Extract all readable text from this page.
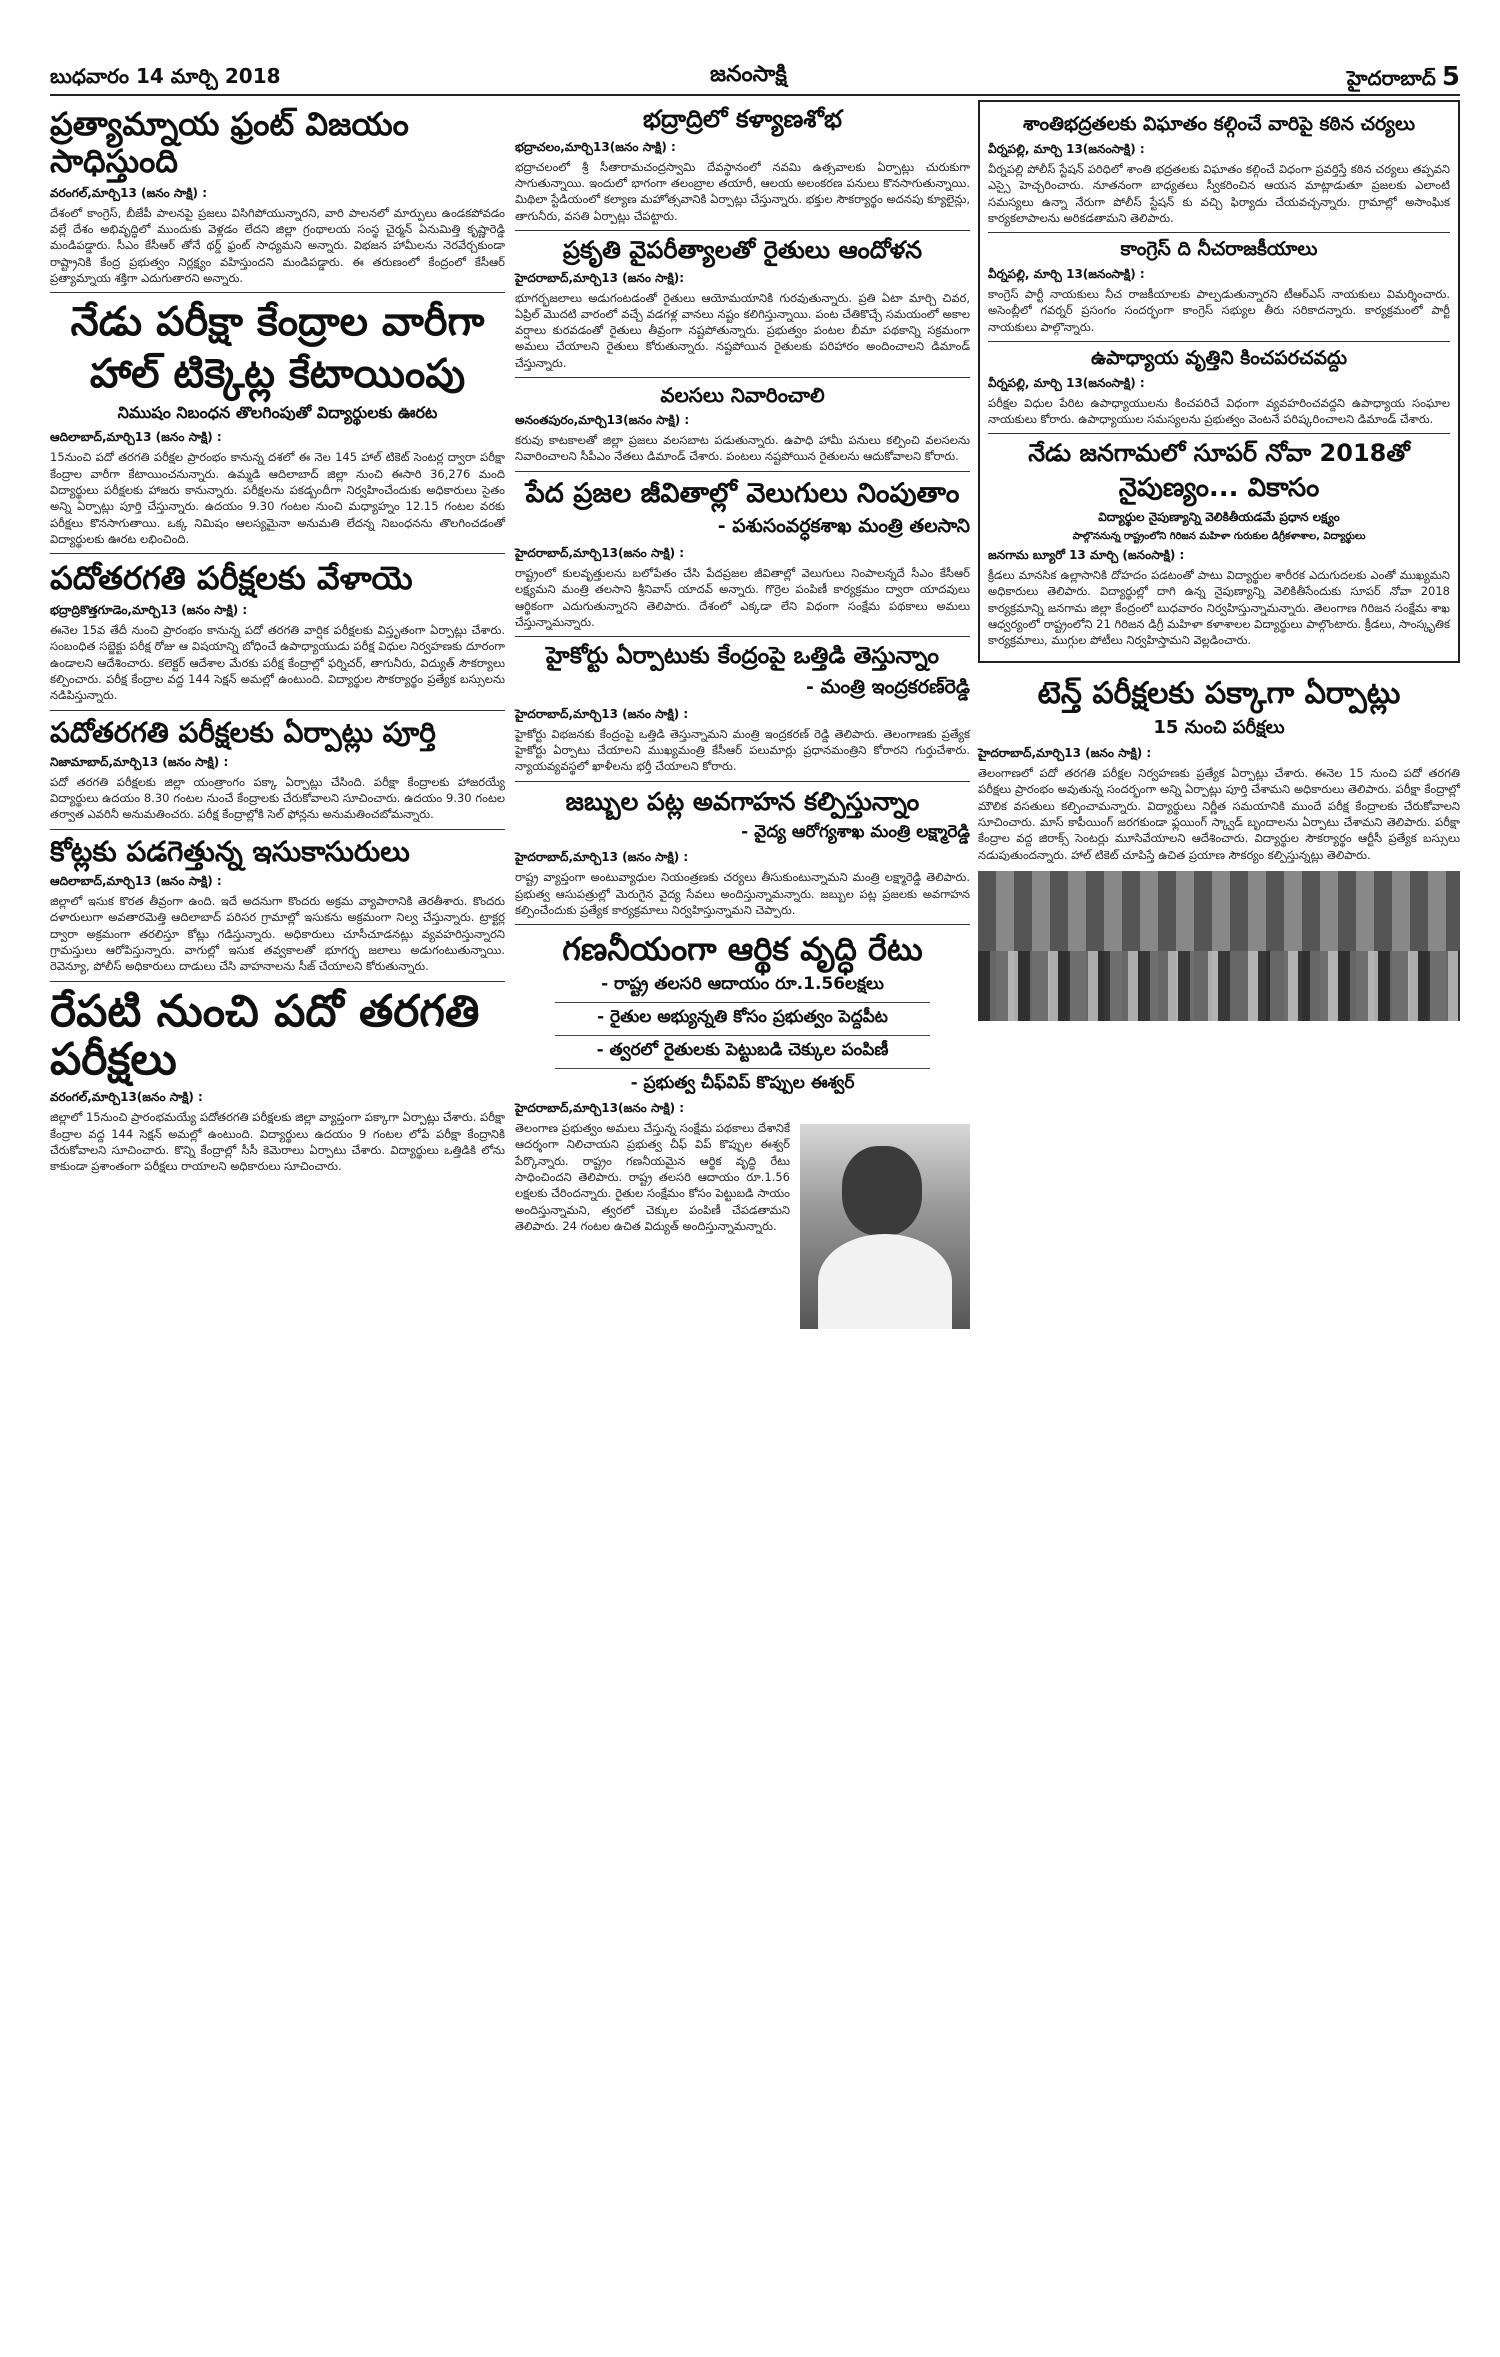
బుధవారం 14 మార్చి 2018	జనంసాక్షి	హైదరాబాద్ 5
ప్రత్యామ్నాయ ఫ్రంట్ విజయం సాధిస్తుంది
వరంగల్,మార్చి13 (జనం సాక్షి) :

దేశంలో కాంగ్రెస్, బీజేపీ పాలనపై ప్రజలు విసిగిపోయున్నారని, వారి పాలనలో మార్పులు ఉండకపోవడం వల్లే దేశం అభివృద్ధిలో ముందుకు వెళ్లడం లేదని జిల్లా గ్రంథాలయ సంస్థ చైర్మన్ ఏనుమిత్తి కృష్ణారెడ్డి మండిపడ్డారు. సీఎం కేసీఆర్ తోనే థర్డ్ ఫ్రంట్ సాధ్యమని అన్నారు. విభజన హామీలను నెరవేర్చకుండా రాష్ట్రానికి కేంద్ర ప్రభుత్వం నిర్లక్ష్యం వహిస్తుందని మండిపడ్డారు. ఈ తరుణంలో కేంద్రంలో కేసీఆర్ ప్రత్యామ్నాయ శక్తిగా ఎదుగుతారని అన్నారు.

నేడు పరీక్షా కేంద్రాల వారీగా
హాల్ టిక్కెట్ల కేటాయింపు
నిముషం నిబంధన తొలగింపుతో విద్యార్థులకు ఊరట
ఆదిలాబాద్,మార్చి13 (జనం సాక్షి) :

15నుంచి పదో తరగతి పరీక్షల ప్రారంభం కానున్న దశలో ఈ నెల 145 హాల్ టికెట్ సెంటర్ల ద్వారా పరీక్షా కేంద్రాల వారీగా కేటాయించనున్నారు. ఉమ్మడి ఆదిలాబాద్ జిల్లా నుంచి ఈసారి 36,276 మంది విద్యార్థులు పరీక్షలకు హాజరు కానున్నారు. పరీక్షలను పకడ్బందీగా నిర్వహించేందుకు అధికారులు సైతం అన్ని ఏర్పాట్లు పూర్తి చేస్తున్నారు. ఉదయం 9.30 గంటల నుంచి మధ్యాహ్నం 12.15 గంటల వరకు పరీక్షలు కొనసాగుతాయి. ఒక్క నిమిషం ఆలస్యమైనా అనుమతి లేదన్న నిబంధనను తొలగించడంతో విద్యార్థులకు ఊరట లభించింది.

పదోతరగతి పరీక్షలకు వేళాయె
భద్రాద్రికొత్తగూడెం,మార్చి13 (జనం సాక్షి) :

ఈనెల 15వ తేదీ నుంచి ప్రారంభం కానున్న పదో తరగతి వార్షిక పరీక్షలకు విస్తృతంగా ఏర్పాట్లు చేశారు. సంబంధిత సబ్జెక్టు పరీక్ష రోజు ఆ విషయాన్ని బోధించే ఉపాధ్యాయుడు పరీక్ష విధుల నిర్వహణకు దూరంగా ఉండాలని ఆదేశించారు. కలెక్టర్ ఆదేశాల మేరకు పరీక్ష కేంద్రాల్లో ఫర్నిచర్, తాగునీరు, విద్యుత్ సౌకర్యాలు కల్పించారు. పరీక్ష కేంద్రాల వద్ద 144 సెక్షన్ అమల్లో ఉంటుంది. విద్యార్థుల సౌకర్యార్థం ప్రత్యేక బస్సులను నడిపిస్తున్నారు.

పదోతరగతి పరీక్షలకు ఏర్పాట్లు పూర్తి
నిజామాబాద్,మార్చి13 (జనం సాక్షి) :

పదో తరగతి పరీక్షలకు జిల్లా యంత్రాంగం పక్కా ఏర్పాట్లు చేసింది. పరీక్షా కేంద్రాలకు హాజరయ్యే విద్యార్థులు ఉదయం 8.30 గంటల నుంచే కేంద్రాలకు చేరుకోవాలని సూచించారు. ఉదయం 9.30 గంటల తర్వాత ఎవరినీ అనుమతించరు. పరీక్ష కేంద్రాల్లోకి సెల్ ఫోన్లను అనుమతించబోమన్నారు.

కోట్లకు పడగెత్తున్న ఇసుకాసురులు
ఆదిలాబాద్,మార్చి13 (జనం సాక్షి) :

జిల్లాలో ఇసుక కొరత తీవ్రంగా ఉంది. ఇదే అదనుగా కొందరు అక్రమ వ్యాపారానికి తెరతీశారు. కొందరు దళారులుగా అవతారమెత్తి ఆదిలాబాద్ పరిసర గ్రామాల్లో ఇసుకను అక్రమంగా నిల్వ చేస్తున్నారు. ట్రాక్టర్ల ద్వారా అక్రమంగా తరలిస్తూ కోట్లు గడిస్తున్నారు. అధికారులు చూసీచూడనట్లు వ్యవహరిస్తున్నారని గ్రామస్తులు ఆరోపిస్తున్నారు. వాగుల్లో ఇసుక తవ్వకాలతో భూగర్భ జలాలు అడుగంటుతున్నాయి. రెవెన్యూ, పోలీస్ అధికారులు దాడులు చేసి వాహనాలను సీజ్ చేయాలని కోరుతున్నారు.

రేపటి నుంచి పదో తరగతి పరీక్షలు
వరంగల్,మార్చి13(జనం సాక్షి) :

జిల్లాలో 15నుంచి ప్రారంభమయ్యే పదోతరగతి పరీక్షలకు జిల్లా వ్యాప్తంగా పక్కాగా ఏర్పాట్లు చేశారు. పరీక్షా కేంద్రాల వద్ద 144 సెక్షన్ అమల్లో ఉంటుంది. విద్యార్థులు ఉదయం 9 గంటల లోపే పరీక్షా కేంద్రానికి చేరుకోవాలని సూచించారు. కొన్ని కేంద్రాల్లో సీసీ కెమెరాలు ఏర్పాటు చేశారు. విద్యార్థులు ఒత్తిడికి లోను కాకుండా ప్రశాంతంగా పరీక్షలు రాయాలని అధికారులు సూచించారు.

భద్రాద్రిలో కళ్యాణశోభ
భద్రాచలం,మార్చి13(జనం సాక్షి) :

భద్రాచలంలో శ్రీ సీతారామచంద్రస్వామి దేవస్థానంలో నవమి ఉత్సవాలకు ఏర్పాట్లు చురుకుగా సాగుతున్నాయి. ఇందులో భాగంగా తలంబ్రాల తయారీ, ఆలయ అలంకరణ పనులు కొనసాగుతున్నాయి. మిథిలా స్టేడియంలో కల్యాణ మహోత్సవానికి ఏర్పాట్లు చేస్తున్నారు. భక్తుల సౌకర్యార్థం అదనపు క్యూలైన్లు, తాగునీరు, వసతి ఏర్పాట్లు చేపట్టారు.

ప్రకృతి వైపరీత్యాలతో రైతులు ఆందోళన
హైదరాబాద్,మార్చి13 (జనం సాక్షి):

భూగర్భజలాలు అడుగంటడంతో రైతులు ఆయోమయానికి గురవుతున్నారు. ప్రతి ఏటా మార్చి చివర, ఏప్రిల్ మొదటి వారంలో వచ్చే వడగళ్ల వానలు నష్టం కలిగిస్తున్నాయి. పంట చేతికొచ్చే సమయంలో అకాల వర్షాలు కురవడంతో రైతులు తీవ్రంగా నష్టపోతున్నారు. ప్రభుత్వం పంటల బీమా పథకాన్ని సక్రమంగా అమలు చేయాలని రైతులు కోరుతున్నారు. నష్టపోయిన రైతులకు పరిహారం అందించాలని డిమాండ్ చేస్తున్నారు.

వలసలు నివారించాలి
అనంతపురం,మార్చి13(జనం సాక్షి) :

కరువు కాటకాలతో జిల్లా ప్రజలు వలసబాట పడుతున్నారు. ఉపాధి హామీ పనులు కల్పించి వలసలను నివారించాలని సీపీఎం నేతలు డిమాండ్ చేశారు. పంటలు నష్టపోయిన రైతులను ఆదుకోవాలని కోరారు.

పేద ప్రజల జీవితాల్లో వెలుగులు నింపుతాం
- పశుసంవర్ధకశాఖ మంత్రి తలసాని
హైదరాబాద్,మార్చి13(జనం సాక్షి) :

రాష్ట్రంలో కులవృత్తులను బలోపేతం చేసి పేదప్రజల జీవితాల్లో వెలుగులు నింపాలన్నదే సీఎం కేసీఆర్ లక్ష్యమని మంత్రి తలసాని శ్రీనివాస్ యాదవ్ అన్నారు. గొర్రెల పంపిణీ కార్యక్రమం ద్వారా యాదవులు ఆర్థికంగా ఎదుగుతున్నారని తెలిపారు. దేశంలో ఎక్కడా లేని విధంగా సంక్షేమ పథకాలు అమలు చేస్తున్నామన్నారు.

హైకోర్టు ఏర్పాటుకు కేంద్రంపై ఒత్తిడి తెస్తున్నాం
- మంత్రి ఇంద్రకరణ్‌రెడ్డి
హైదరాబాద్,మార్చి13 (జనం సాక్షి) :

హైకోర్టు విభజనకు కేంద్రంపై ఒత్తిడి తెస్తున్నామని మంత్రి ఇంద్రకరణ్ రెడ్డి తెలిపారు. తెలంగాణకు ప్రత్యేక హైకోర్టు ఏర్పాటు చేయాలని ముఖ్యమంత్రి కేసీఆర్ పలుమార్లు ప్రధానమంత్రిని కోరారని గుర్తుచేశారు. న్యాయవ్యవస్థలో ఖాళీలను భర్తీ చేయాలని కోరారు.

జబ్బుల పట్ల అవగాహన కల్పిస్తున్నాం
- వైద్య ఆరోగ్యశాఖ మంత్రి లక్ష్మారెడ్డి
హైదరాబాద్,మార్చి13 (జనం సాక్షి) :

రాష్ట్ర వ్యాప్తంగా అంటువ్యాధుల నియంత్రణకు చర్యలు తీసుకుంటున్నామని మంత్రి లక్ష్మారెడ్డి తెలిపారు. ప్రభుత్వ ఆసుపత్రుల్లో మెరుగైన వైద్య సేవలు అందిస్తున్నామన్నారు. జబ్బుల పట్ల ప్రజలకు అవగాహన కల్పించేందుకు ప్రత్యేక కార్యక్రమాలు నిర్వహిస్తున్నామని చెప్పారు.

గణనీయంగా ఆర్థిక వృద్ధి రేటు
- రాష్ట్ర తలసరి ఆదాయం రూ.1.56లక్షలు
- రైతుల అభ్యున్నతి కోసం ప్రభుత్వం పెద్దపీట
- త్వరలో రైతులకు పెట్టుబడి చెక్కుల పంపిణీ
- ప్రభుత్వ చీఫ్‌విప్ కొప్పుల ఈశ్వర్
హైదరాబాద్,మార్చి13(జనం సాక్షి) :

తెలంగాణ ప్రభుత్వం అమలు చేస్తున్న సంక్షేమ పథకాలు దేశానికే ఆదర్శంగా నిలిచాయని ప్రభుత్వ చీఫ్ విప్ కొప్పుల ఈశ్వర్ పేర్కొన్నారు. రాష్ట్రం గణనీయమైన ఆర్థిక వృద్ధి రేటు సాధించిందని తెలిపారు. రాష్ట్ర తలసరి ఆదాయం రూ.1.56 లక్షలకు చేరిందన్నారు. రైతుల సంక్షేమం కోసం పెట్టుబడి సాయం అందిస్తున్నామని, త్వరలో చెక్కుల పంపిణీ చేపడతామని తెలిపారు. 24 గంటల ఉచిత విద్యుత్ అందిస్తున్నామన్నారు.

శాంతిభద్రతలకు విఘాతం కల్గించే వారిపై కఠిన చర్యలు
వీర్నపల్లి, మార్చి 13(జనంసాక్షి) :

వీర్నపల్లి పోలీస్ స్టేషన్ పరిధిలో శాంతి భద్రతలకు విఘాతం కల్గించే విధంగా ప్రవర్తిస్తే కఠిన చర్యలు తప్పవని ఎస్సై హెచ్చరించారు. నూతనంగా బాధ్యతలు స్వీకరించిన ఆయన మాట్లాడుతూ ప్రజలకు ఎలాంటి సమస్యలు ఉన్నా నేరుగా పోలీస్ స్టేషన్ కు వచ్చి ఫిర్యాదు చేయవచ్చన్నారు. గ్రామాల్లో అసాంఘిక కార్యకలాపాలను అరికడతామని తెలిపారు.

కాంగ్రెస్ ది నీచరాజకీయాలు
వీర్నపల్లి, మార్చి 13(జనంసాక్షి) :

కాంగ్రెస్ పార్టీ నాయకులు నీచ రాజకీయాలకు పాల్పడుతున్నారని టీఆర్ఎస్ నాయకులు విమర్శించారు. అసెంబ్లీలో గవర్నర్ ప్రసంగం సందర్భంగా కాంగ్రెస్ సభ్యుల తీరు సరికాదన్నారు. కార్యక్రమంలో పార్టీ నాయకులు పాల్గొన్నారు.

ఉపాధ్యాయ వృత్తిని కించపరచవద్దు
వీర్నపల్లి, మార్చి 13(జనంసాక్షి) :

పరీక్షల విధుల పేరిట ఉపాధ్యాయులను కించపరిచే విధంగా వ్యవహరించవద్దని ఉపాధ్యాయ సంఘాల నాయకులు కోరారు. ఉపాధ్యాయుల సమస్యలను ప్రభుత్వం వెంటనే పరిష్కరించాలని డిమాండ్ చేశారు.

నేడు జనగామలో సూపర్ నోవా 2018తో
నైపుణ్యం... వికాసం
విద్యార్థుల నైపుణ్యాన్ని వెలికితీయడమే ప్రధాన లక్ష్యం
పాల్గొననున్న రాష్ట్రంలోని గిరిజన మహిళా గురుకుల డిగ్రీకళాశాల, విద్యార్థులు
జనగామ బ్యూరో 13 మార్చి (జనంసాక్షి) :

క్రీడలు మానసిక ఉల్లాసానికి దోహదం పడటంతో పాటు విద్యార్థుల శారీరక ఎదుగుదలకు ఎంతో ముఖ్యమని అధికారులు తెలిపారు. విద్యార్థుల్లో దాగి ఉన్న నైపుణ్యాన్ని వెలికితీసేందుకు సూపర్ నోవా 2018 కార్యక్రమాన్ని జనగామ జిల్లా కేంద్రంలో బుధవారం నిర్వహిస్తున్నామన్నారు. తెలంగాణ గిరిజన సంక్షేమ శాఖ ఆధ్వర్యంలో రాష్ట్రంలోని 21 గిరిజన డిగ్రీ మహిళా కళాశాలల విద్యార్థులు పాల్గొంటారు. క్రీడలు, సాంస్కృతిక కార్యక్రమాలు, ముగ్గుల పోటీలు నిర్వహిస్తామని వెల్లడించారు.

టెన్త్ పరీక్షలకు పక్కాగా ఏర్పాట్లు
15 నుంచి పరీక్షలు
హైదరాబాద్,మార్చి13 (జనం సాక్షి) :

తెలంగాణలో పదో తరగతి పరీక్షల నిర్వహణకు ప్రత్యేక ఏర్పాట్లు చేశారు. ఈనెల 15 నుంచి పదో తరగతి పరీక్షలు ప్రారంభం అవుతున్న సందర్భంగా అన్ని ఏర్పాట్లు పూర్తి చేశామని అధికారులు తెలిపారు. పరీక్షా కేంద్రాల్లో మౌలిక వసతులు కల్పించామన్నారు. విద్యార్థులు నిర్ణీత సమయానికి ముందే పరీక్ష కేంద్రాలకు చేరుకోవాలని సూచించారు. మాస్ కాపీయింగ్ జరగకుండా ఫ్లయింగ్ స్క్వాడ్ బృందాలను ఏర్పాటు చేశామని తెలిపారు. పరీక్షా కేంద్రాల వద్ద జిరాక్స్ సెంటర్లు మూసివేయాలని ఆదేశించారు. విద్యార్థుల సౌకర్యార్థం ఆర్టీసీ ప్రత్యేక బస్సులు నడుపుతుందన్నారు. హాల్ టికెట్ చూపిస్తే ఉచిత ప్రయాణ సౌకర్యం కల్పిస్తున్నట్లు తెలిపారు.
